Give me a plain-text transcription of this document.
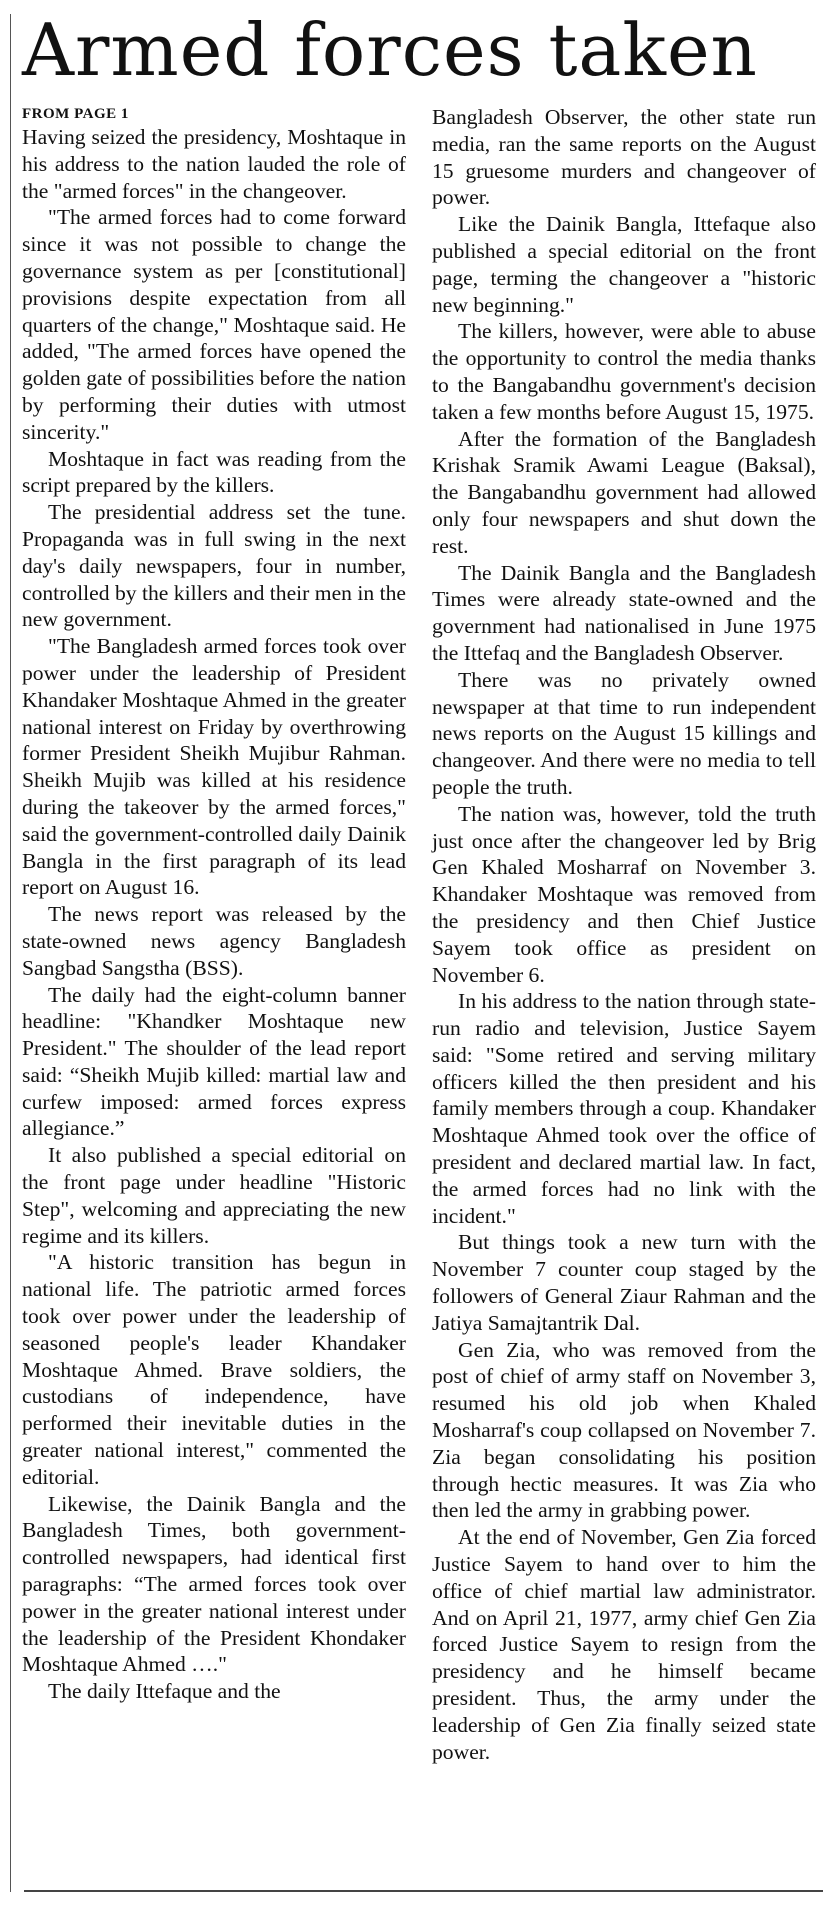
Armed forces taken

FROM PAGE 1

Having seized the presidency, Moshtaque in his address to the nation lauded the role of the "armed forces" in the changeover.

"The armed forces had to come forward since it was not possible to change the governance system as per [constitutional] provisions despite expectation from all quarters of the change," Moshtaque said. He added, "The armed forces have opened the golden gate of possibilities before the nation by performing their duties with utmost sincerity."

Moshtaque in fact was reading from the script prepared by the killers.

The presidential address set the tune. Propaganda was in full swing in the next day's daily newspapers, four in number, controlled by the killers and their men in the new government.

"The Bangladesh armed forces took over power under the leadership of President Khandaker Moshtaque Ahmed in the greater national interest on Friday by overthrowing former President Sheikh Mujibur Rahman. Sheikh Mujib was killed at his residence during the takeover by the armed forces," said the government-controlled daily Dainik Bangla in the first paragraph of its lead report on August 16.

The news report was released by the state-owned news agency Bangladesh Sangbad Sangstha (BSS).

The daily had the eight-column banner headline: "Khandker Moshtaque new President." The shoulder of the lead report said: “Sheikh Mujib killed: martial law and curfew imposed: armed forces express allegiance.”

It also published a special editorial on the front page under headline "Historic Step", welcoming and appreciating the new regime and its killers.

"A historic transition has begun in national life. The patriotic armed forces took over power under the leadership of seasoned people's leader Khandaker Moshtaque Ahmed. Brave soldiers, the custodians of independence, have performed their inevitable duties in the greater national interest," commented the editorial.

Likewise, the Dainik Bangla and the Bangladesh Times, both government-controlled newspapers, had identical first paragraphs: “The armed forces took over power in the greater national interest under the leadership of the President Khondaker Moshtaque Ahmed …."

The daily Ittefaque and the

Bangladesh Observer, the other state run media, ran the same reports on the August 15 gruesome murders and changeover of power.

Like the Dainik Bangla, Ittefaque also published a special editorial on the front page, terming the changeover a "historic new beginning."

The killers, however, were able to abuse the opportunity to control the media thanks to the Bangabandhu government's decision taken a few months before August 15, 1975.

After the formation of the Bangladesh Krishak Sramik Awami League (Baksal), the Bangabandhu government had allowed only four newspapers and shut down the rest.

The Dainik Bangla and the Bangladesh Times were already state-owned and the government had nationalised in June 1975 the Ittefaq and the Bangladesh Observer.

There was no privately owned newspaper at that time to run independent news reports on the August 15 killings and changeover. And there were no media to tell people the truth.

The nation was, however, told the truth just once after the changeover led by Brig Gen Khaled Mosharraf on November 3. Khandaker Moshtaque was removed from the presidency and then Chief Justice Sayem took office as president on November 6.

In his address to the nation through state-run radio and television, Justice Sayem said: "Some retired and serving military officers killed the then president and his family members through a coup. Khandaker Moshtaque Ahmed took over the office of president and declared martial law. In fact, the armed forces had no link with the incident."

But things took a new turn with the November 7 counter coup staged by the followers of General Ziaur Rahman and the Jatiya Samajtantrik Dal.

Gen Zia, who was removed from the post of chief of army staff on November 3, resumed his old job when Khaled Mosharraf's coup collapsed on November 7. Zia began consolidating his position through hectic measures. It was Zia who then led the army in grabbing power.

At the end of November, Gen Zia forced Justice Sayem to hand over to him the office of chief martial law administrator. And on April 21, 1977, army chief Gen Zia forced Justice Sayem to resign from the presidency and he himself became president. Thus, the army under the leadership of Gen Zia finally seized state power.
